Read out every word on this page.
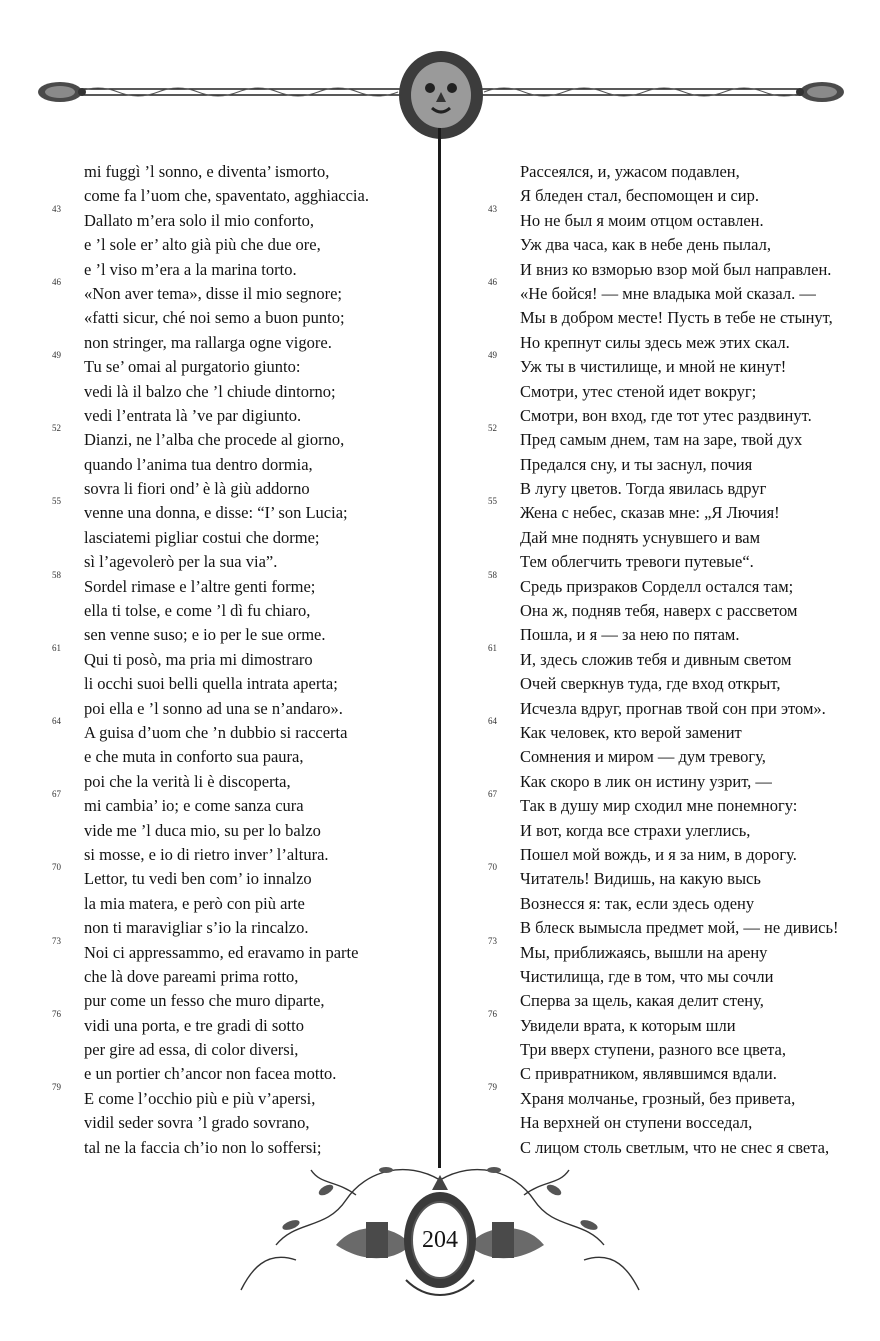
mi fuggì ’l sonno, e diventa’ ismorto,
come fa l’uom che, spaventato, agghiaccia.
43
Dallato m’era solo il mio conforto,
e ’l sole er’ alto già più che due ore,
e ’l viso m’era a la marina torto.
46
«Non aver tema», disse il mio segnore;
«fatti sicur, ché noi semo a buon punto;
non stringer, ma rallarga ogne vigore.
49
Tu se’ omai al purgatorio giunto:
vedi là il balzo che ’l chiude dintorno;
vedi l’entrata là ’ve par digiunto.
52
Dianzi, ne l’alba che procede al giorno,
quando l’anima tua dentro dormia,
sovra li fiori ond’ è là giù addorno
55
venne una donna, e disse: “I’ son Lucia;
lasciatemi pigliar costui che dorme;
sì l’agevolerò per la sua via”.
58
Sordel rimase e l’altre genti forme;
ella ti tolse, e come ’l dì fu chiaro,
sen venne suso; e io per le sue orme.
61
Qui ti posò, ma pria mi dimostraro
li occhi suoi belli quella intrata aperta;
poi ella e ’l sonno ad una se n’andaro».
64
A guisa d’uom che ’n dubbio si raccerta
e che muta in conforto sua paura,
poi che la verità li è discoperta,
67
mi cambia’ io; e come sanza cura
vide me ’l duca mio, su per lo balzo
si mosse, e io di rietro inver’ l’altura.
70
Lettor, tu vedi ben com’ io innalzo
la mia matera, e però con più arte
non ti maravigliar s’io la rincalzo.
73
Noi ci appressammo, ed eravamo in parte
che là dove pareami prima rotto,
pur come un fesso che muro diparte,
76
vidi una porta, e tre gradi di sotto
per gire ad essa, di color diversi,
e un portier ch’ancor non facea motto.
79
E come l’occhio più e più v’apersi,
vidil seder sovra ’l grado sovrano,
tal ne la faccia ch’io non lo soffersi;
Рассеялся, и, ужасом подавлен,
Я бледен стал, беспомощен и сир.
43
Но не был я моим отцом оставлен.
Уж два часа, как в небе день пылал,
И вниз ко взморью взор мой был направлен.
46
«Не бойся! — мне владыка мой сказал. —
Мы в добром месте! Пусть в тебе не стынут,
Но крепнут силы здесь меж этих скал.
49
Уж ты в чистилище, и мной не кинут!
Смотри, утес стеной идет вокруг;
Смотри, вон вход, где тот утес раздвинут.
52
Пред самым днем, там на заре, твой дух
Предался сну, и ты заснул, почия
В лугу цветов. Тогда явилась вдруг
55
Жена с небес, сказав мне: „Я Лючия!
Дай мне поднять уснувшего и вам
Тем облегчить тревоги путевые“.
58
Средь призраков Сорделл остался там;
Она ж, подняв тебя, наверх с рассветом
Пошла, и я — за нею по пятам.
61
И, здесь сложив тебя и дивным светом
Очей сверкнув туда, где вход открыт,
Исчезла вдруг, прогнав твой сон при этом».
64
Как человек, кто верой заменит
Сомнения и миром — дум тревогу,
Как скоро в лик он истину узрит, —
67
Так в душу мир сходил мне понемногу:
И вот, когда все страхи улеглись,
Пошел мой вождь, и я за ним, в дорогу.
70
Читатель! Видишь, на какую высь
Вознесся я: так, если здесь одену
В блеск вымысла предмет мой, — не дивись!
73
Мы, приближаясь, вышли на арену
Чистилища, где в том, что мы сочли
Сперва за щель, какая делит стену,
76
Увидели врата, к которым шли
Три вверх ступени, разного все цвета,
С привратником, являвшимся вдали.
79
Храня молчанье, грозный, без привета,
На верхней он ступени восседал,
С лицом столь светлым, что не снес я света,
204
